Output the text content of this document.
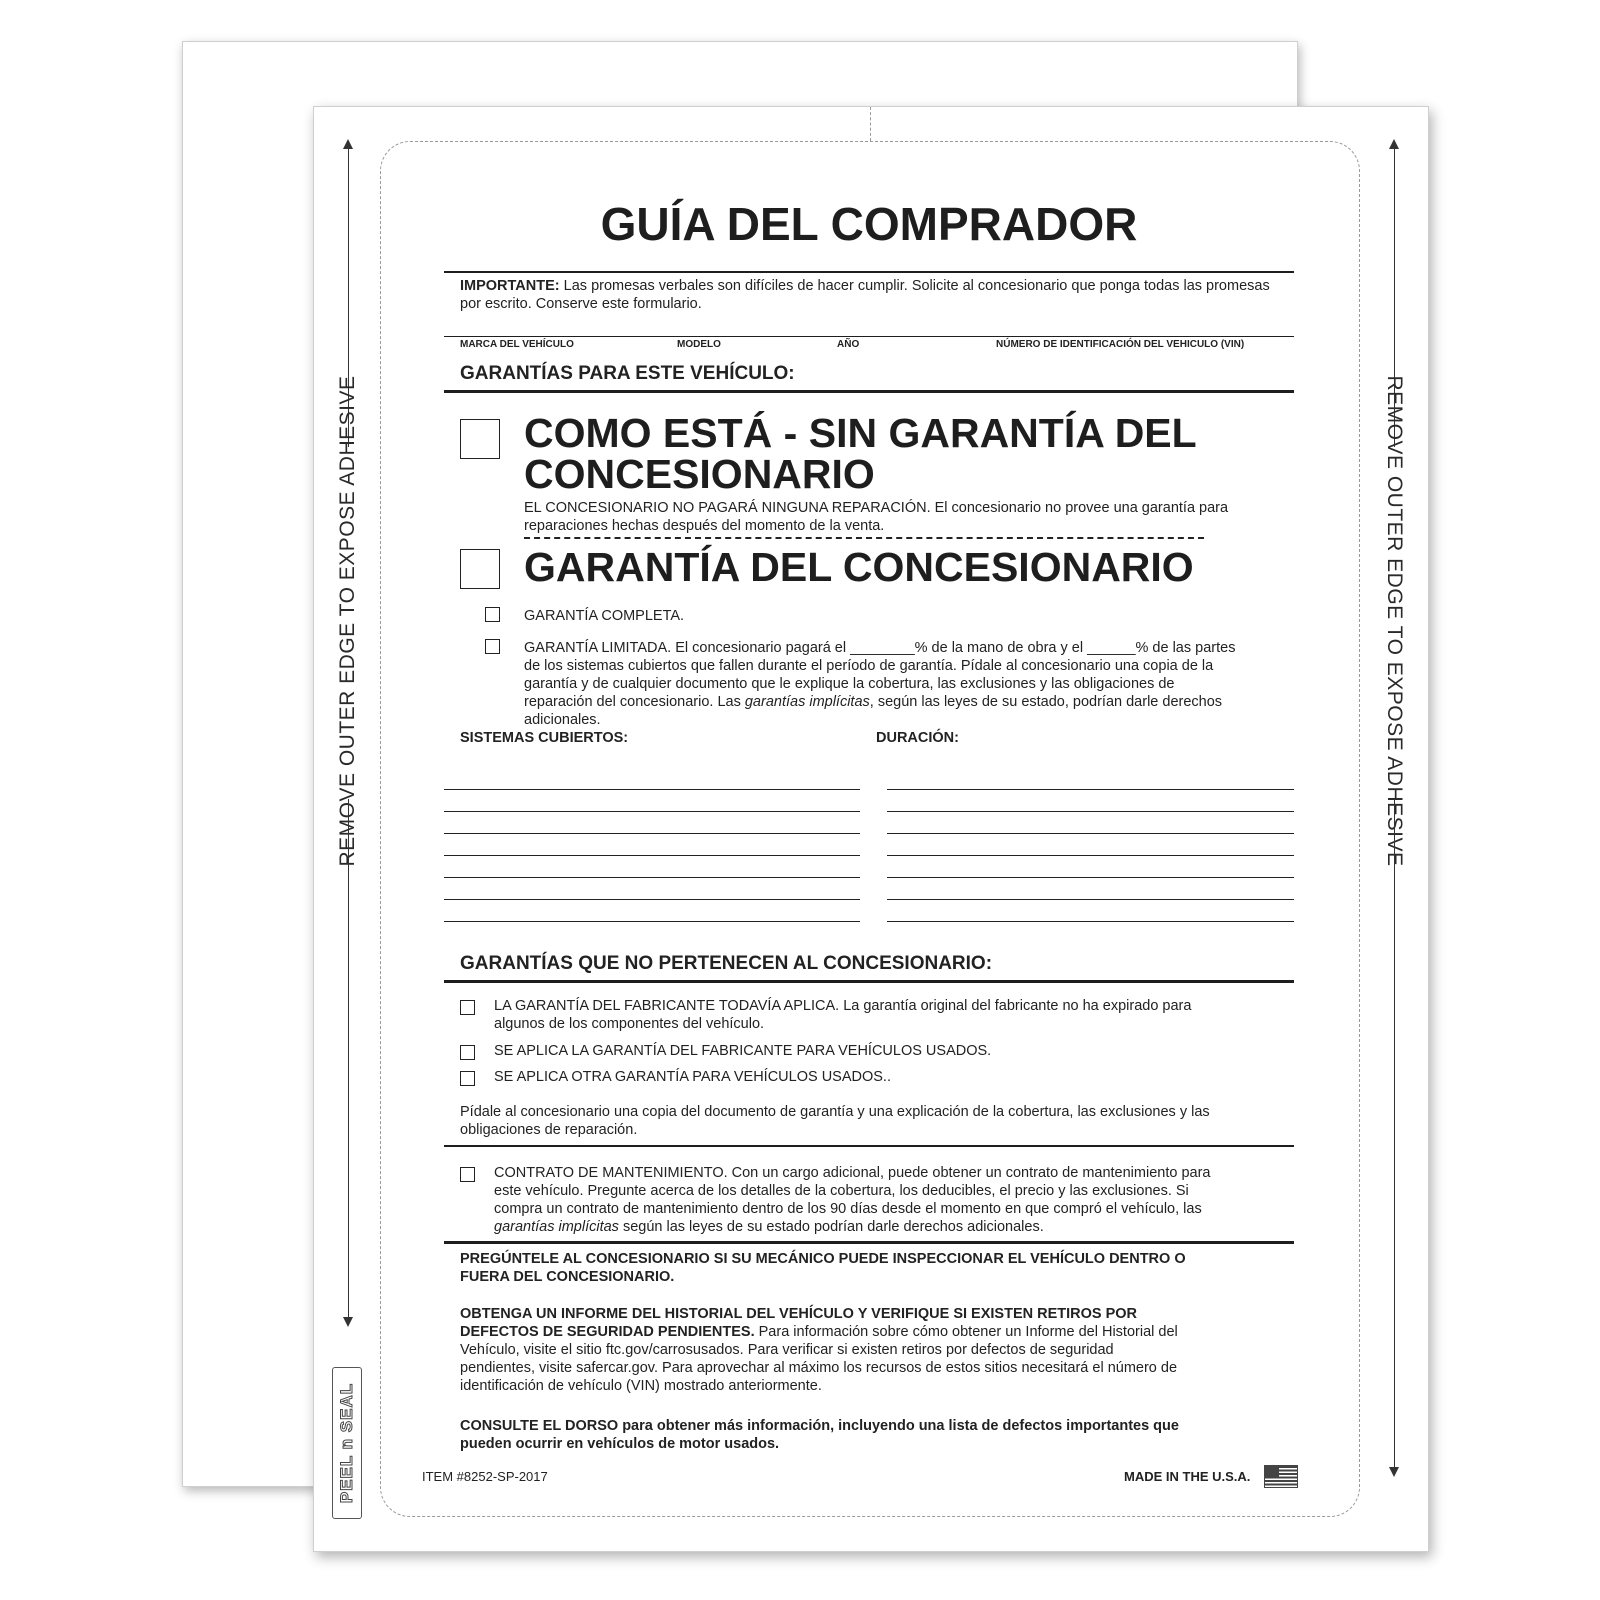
REMOVE OUTER EDGE TO EXPOSE ADHESIVE	REMOVE OUTER EDGE TO EXPOSE ADHESIVE
PEEL n SEAL
GUÍA DEL COMPRADOR
IMPORTANTE: Las promesas verbales son difíciles de hacer cumplir. Solicite al concesionario que ponga todas las promesas por escrito. Conserve este formulario.
MARCA DEL VEHÍCULO	MODELO	AÑO	NÚMERO DE IDENTIFICACIÓN DEL VEHICULO (VIN)
GARANTÍAS PARA ESTE VEHÍCULO:
COMO ESTÁ - SIN GARANTÍA DEL
CONCESIONARIO
EL CONCESIONARIO NO PAGARÁ NINGUNA REPARACIÓN. El concesionario no provee una garantía para reparaciones hechas después del momento de la venta.
GARANTÍA DEL CONCESIONARIO
GARANTÍA COMPLETA.
GARANTÍA LIMITADA. El concesionario pagará el ________% de la mano de obra y el ______% de las partes
de los sistemas cubiertos que fallen durante el período de garantía. Pídale al concesionario una copia de la
garantía y de cualquier documento que le explique la cobertura, las exclusiones y las obligaciones de
reparación del concesionario. Las garantías implícitas, según las leyes de su estado, podrían darle derechos
adicionales.
SISTEMAS CUBIERTOS:	DURACIÓN:
GARANTÍAS QUE NO PERTENECEN AL CONCESIONARIO:
LA GARANTÍA DEL FABRICANTE TODAVÍA APLICA. La garantía original del fabricante no ha expirado para
algunos de los componentes del vehículo.
SE APLICA LA GARANTÍA DEL FABRICANTE PARA VEHÍCULOS USADOS.
SE APLICA OTRA GARANTÍA PARA VEHÍCULOS USADOS..
Pídale al concesionario una copia del documento de garantía y una explicación de la cobertura, las exclusiones y las
obligaciones de reparación.
CONTRATO DE MANTENIMIENTO. Con un cargo adicional, puede obtener un contrato de mantenimiento para
este vehículo. Pregunte acerca de los detalles de la cobertura, los deducibles, el precio y las exclusiones. Si
compra un contrato de mantenimiento dentro de los 90 días desde el momento en que compró el vehículo, las
garantías implícitas según las leyes de su estado podrían darle derechos adicionales.
PREGÚNTELE AL CONCESIONARIO SI SU MECÁNICO PUEDE INSPECCIONAR EL VEHÍCULO DENTRO O
FUERA DEL CONCESIONARIO.
OBTENGA UN INFORME DEL HISTORIAL DEL VEHÍCULO Y VERIFIQUE SI EXISTEN RETIROS POR
DEFECTOS DE SEGURIDAD PENDIENTES. Para información sobre cómo obtener un Informe del Historial del
Vehículo, visite el sitio ftc.gov/carrosusados. Para verificar si existen retiros por defectos de seguridad
pendientes, visite safercar.gov. Para aprovechar al máximo los recursos de estos sitios necesitará el número de
identificación de vehículo (VIN) mostrado anteriormente.
CONSULTE EL DORSO para obtener más información, incluyendo una lista de defectos importantes que
pueden ocurrir en vehículos de motor usados.
ITEM #8252-SP-2017	MADE IN THE U.S.A.
